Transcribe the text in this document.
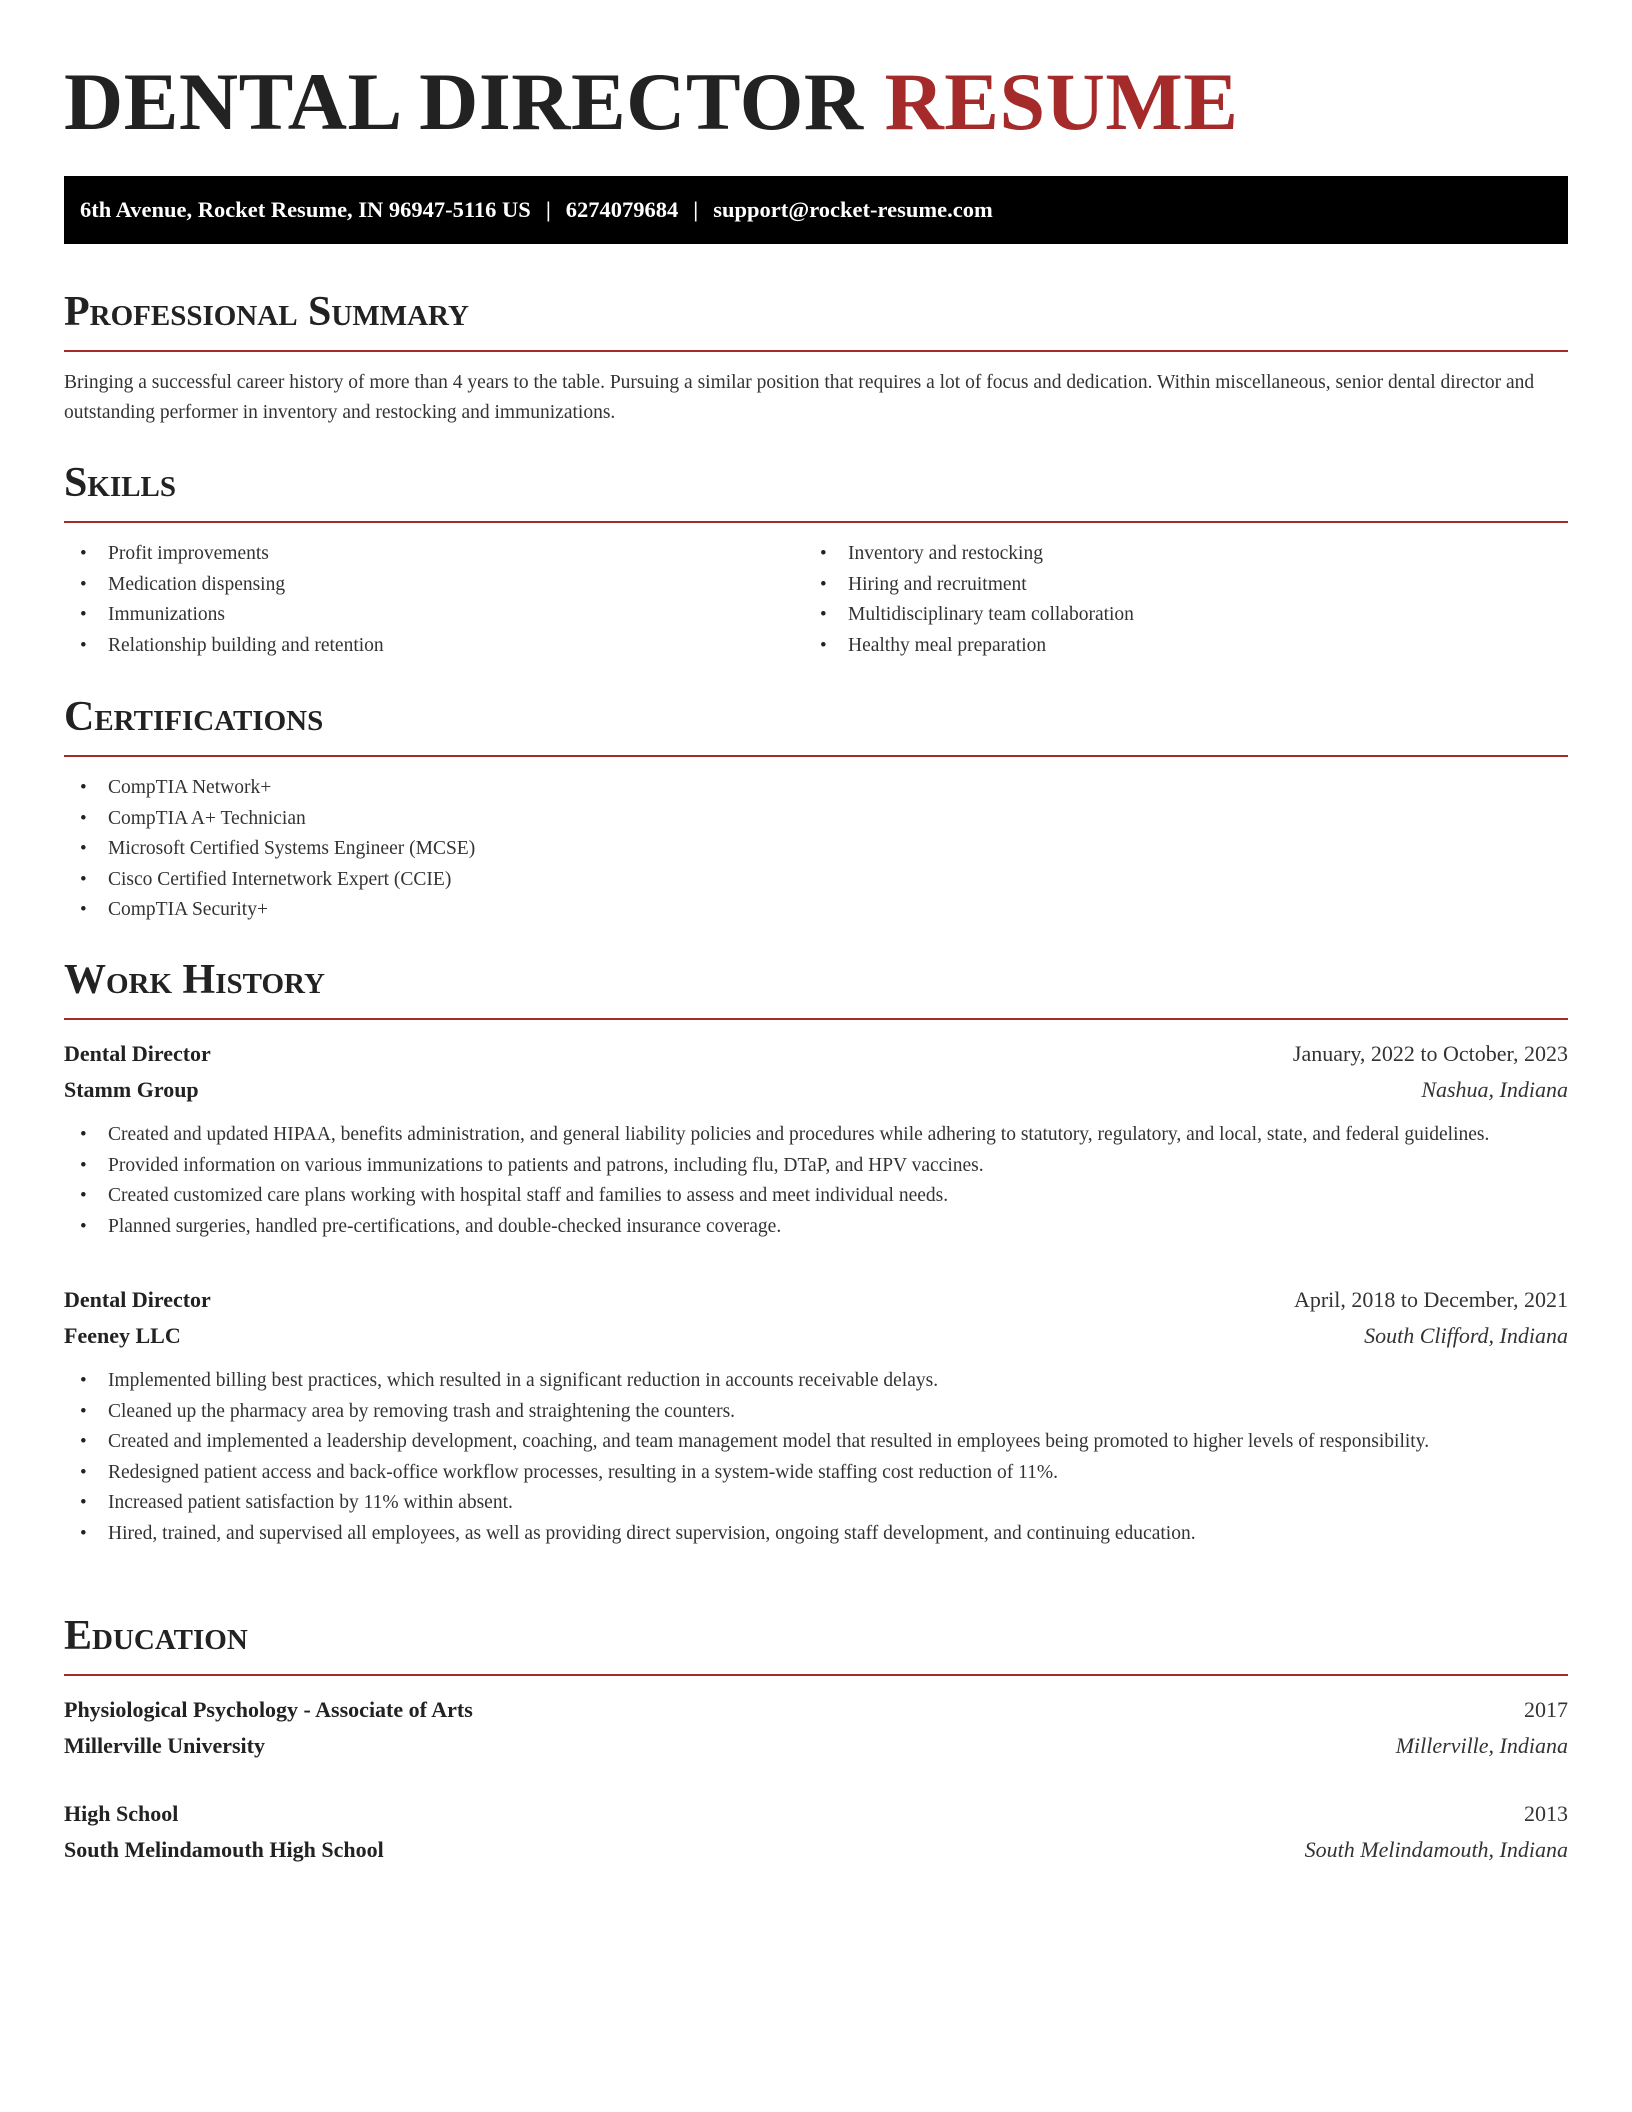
DENTAL DIRECTOR RESUME
6th Avenue, Rocket Resume, IN 96947-5116 US | 6274079684 | support@rocket-resume.com
Professional Summary

Bringing a successful career history of more than 4 years to the table. Pursuing a similar position that requires a lot of focus and dedication. Within miscellaneous, senior dental director and outstanding performer in inventory and restocking and immunizations.

Skills
• Profit improvements
• Medication dispensing
• Immunizations
• Relationship building and retention
• Inventory and restocking
• Hiring and recruitment
• Multidisciplinary team collaboration
• Healthy meal preparation
Certifications
• CompTIA Network+
• CompTIA A+ Technician
• Microsoft Certified Systems Engineer (MCSE)
• Cisco Certified Internetwork Expert (CCIE)
• CompTIA Security+
Work History
Dental Director	January, 2022 to October, 2023
Stamm Group	Nashua, Indiana
• Created and updated HIPAA, benefits administration, and general liability policies and procedures while adhering to statutory, regulatory, and local, state, and federal guidelines.
• Provided information on various immunizations to patients and patrons, including flu, DTaP, and HPV vaccines.
• Created customized care plans working with hospital staff and families to assess and meet individual needs.
• Planned surgeries, handled pre-certifications, and double-checked insurance coverage.
Dental Director	April, 2018 to December, 2021
Feeney LLC	South Clifford, Indiana
• Implemented billing best practices, which resulted in a significant reduction in accounts receivable delays.
• Cleaned up the pharmacy area by removing trash and straightening the counters.
• Created and implemented a leadership development, coaching, and team management model that resulted in employees being promoted to higher levels of responsibility.
• Redesigned patient access and back-office workflow processes, resulting in a system-wide staffing cost reduction of 11%.
• Increased patient satisfaction by 11% within absent.
• Hired, trained, and supervised all employees, as well as providing direct supervision, ongoing staff development, and continuing education.
Education
Physiological Psychology - Associate of Arts	2017
Millerville University	Millerville, Indiana
High School	2013
South Melindamouth High School	South Melindamouth, Indiana
